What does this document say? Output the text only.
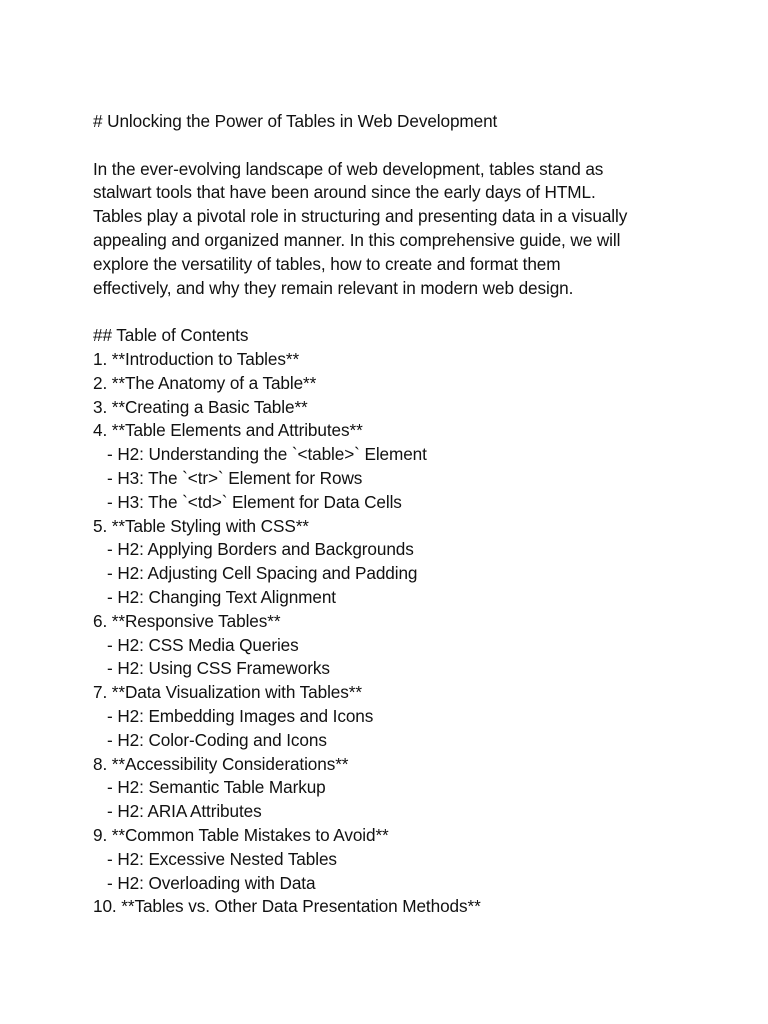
# Unlocking the Power of Tables in Web Development
In the ever-evolving landscape of web development, tables stand as
stalwart tools that have been around since the early days of HTML.
Tables play a pivotal role in structuring and presenting data in a visually
appealing and organized manner. In this comprehensive guide, we will
explore the versatility of tables, how to create and format them
effectively, and why they remain relevant in modern web design.
## Table of Contents
1. **Introduction to Tables**
2. **The Anatomy of a Table**
3. **Creating a Basic Table**
4. **Table Elements and Attributes**
- H2: Understanding the `<table>` Element
- H3: The `<tr>` Element for Rows
- H3: The `<td>` Element for Data Cells
5. **Table Styling with CSS**
- H2: Applying Borders and Backgrounds
- H2: Adjusting Cell Spacing and Padding
- H2: Changing Text Alignment
6. **Responsive Tables**
- H2: CSS Media Queries
- H2: Using CSS Frameworks
7. **Data Visualization with Tables**
- H2: Embedding Images and Icons
- H2: Color-Coding and Icons
8. **Accessibility Considerations**
- H2: Semantic Table Markup
- H2: ARIA Attributes
9. **Common Table Mistakes to Avoid**
- H2: Excessive Nested Tables
- H2: Overloading with Data
10. **Tables vs. Other Data Presentation Methods**
